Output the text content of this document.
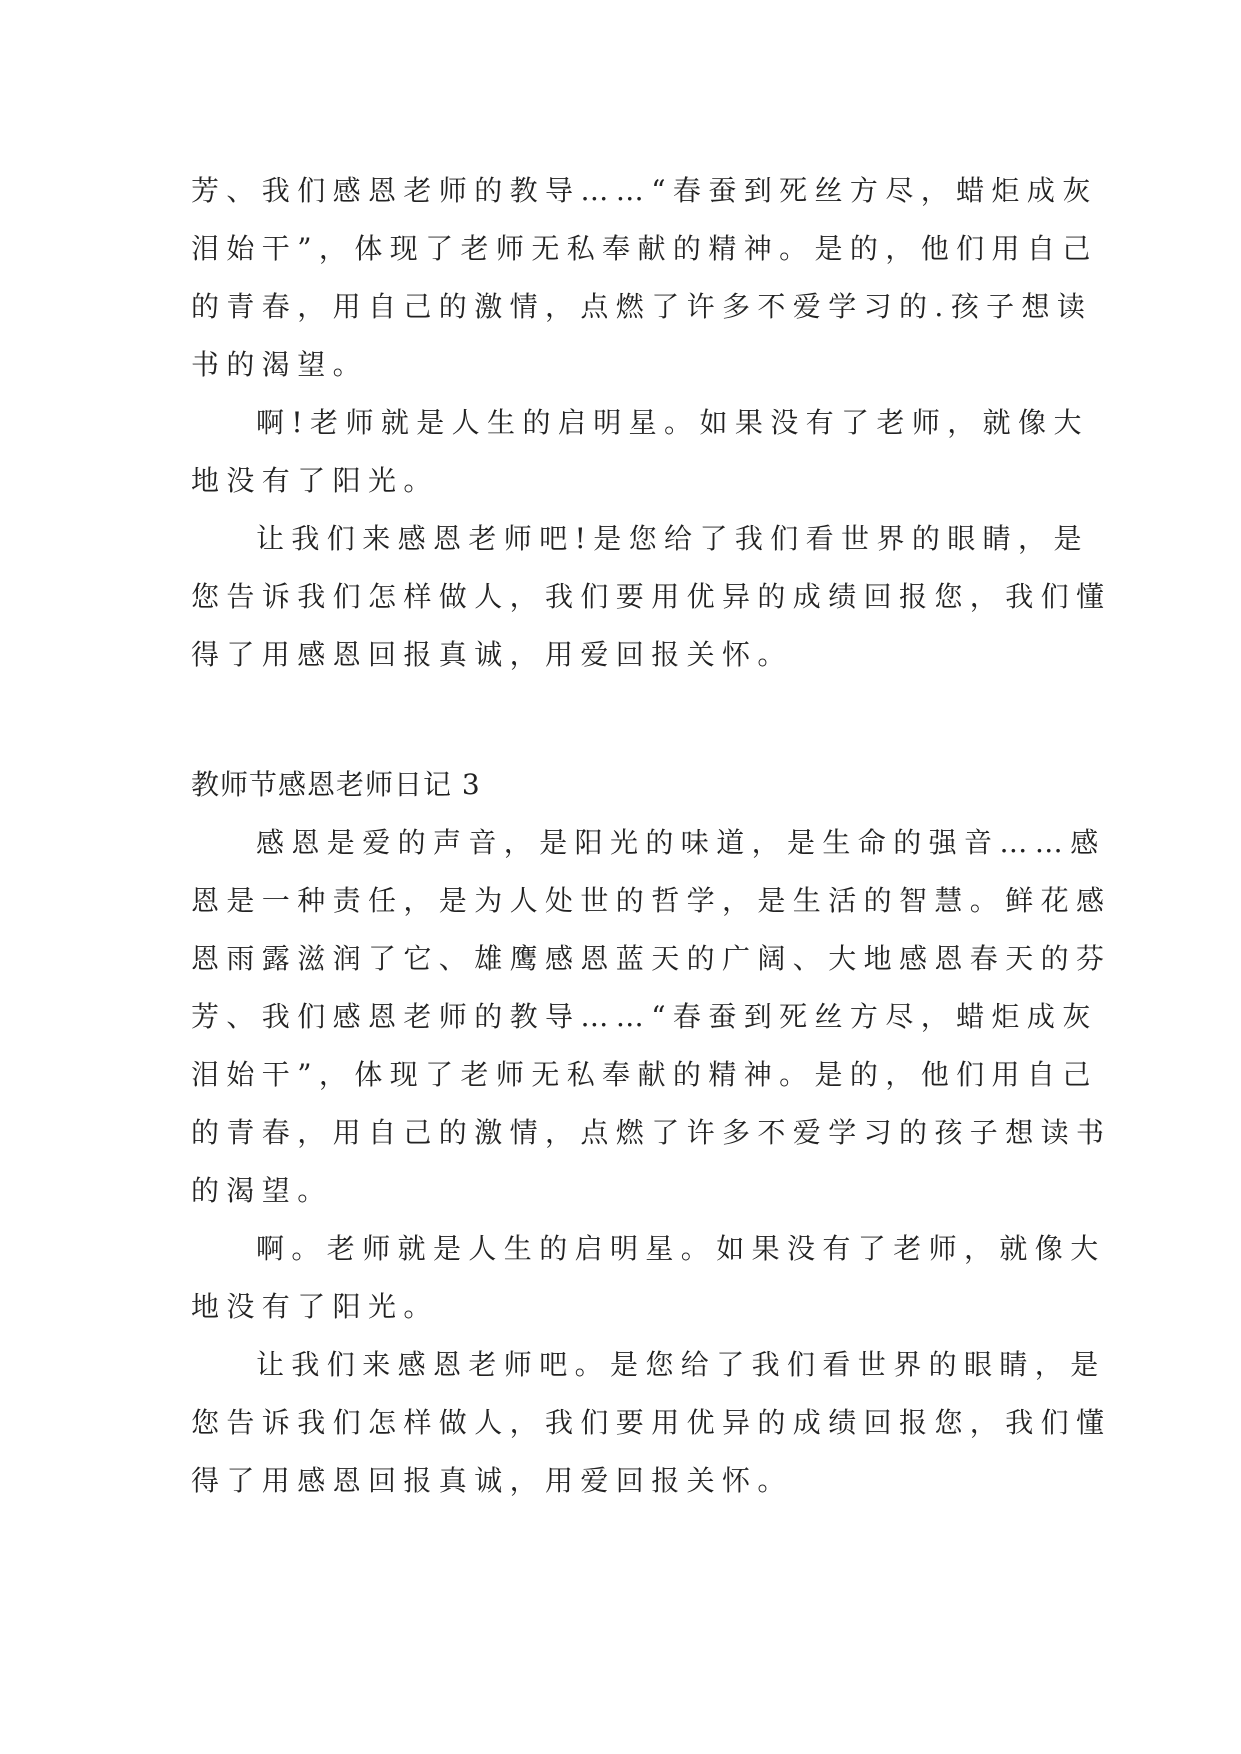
芳、我们感恩老师的教导……“春蚕到死丝方尽，蜡炬成灰
泪始干”，体现了老师无私奉献的精神。是的，他们用自己
的青春，用自己的激情，点燃了许多不爱学习的.孩子想读
书的渴望。
啊!老师就是人生的启明星。如果没有了老师，就像大
地没有了阳光。
让我们来感恩老师吧!是您给了我们看世界的眼睛，是
您告诉我们怎样做人，我们要用优异的成绩回报您，我们懂
得了用感恩回报真诚，用爱回报关怀。
教师节感恩老师日记 3
感恩是爱的声音，是阳光的味道，是生命的强音……感
恩是一种责任，是为人处世的哲学，是生活的智慧。鲜花感
恩雨露滋润了它、雄鹰感恩蓝天的广阔、大地感恩春天的芬
芳、我们感恩老师的教导……“春蚕到死丝方尽，蜡炬成灰
泪始干”，体现了老师无私奉献的精神。是的，他们用自己
的青春，用自己的激情，点燃了许多不爱学习的孩子想读书
的渴望。
啊。老师就是人生的启明星。如果没有了老师，就像大
地没有了阳光。
让我们来感恩老师吧。是您给了我们看世界的眼睛，是
您告诉我们怎样做人，我们要用优异的成绩回报您，我们懂
得了用感恩回报真诚，用爱回报关怀。
